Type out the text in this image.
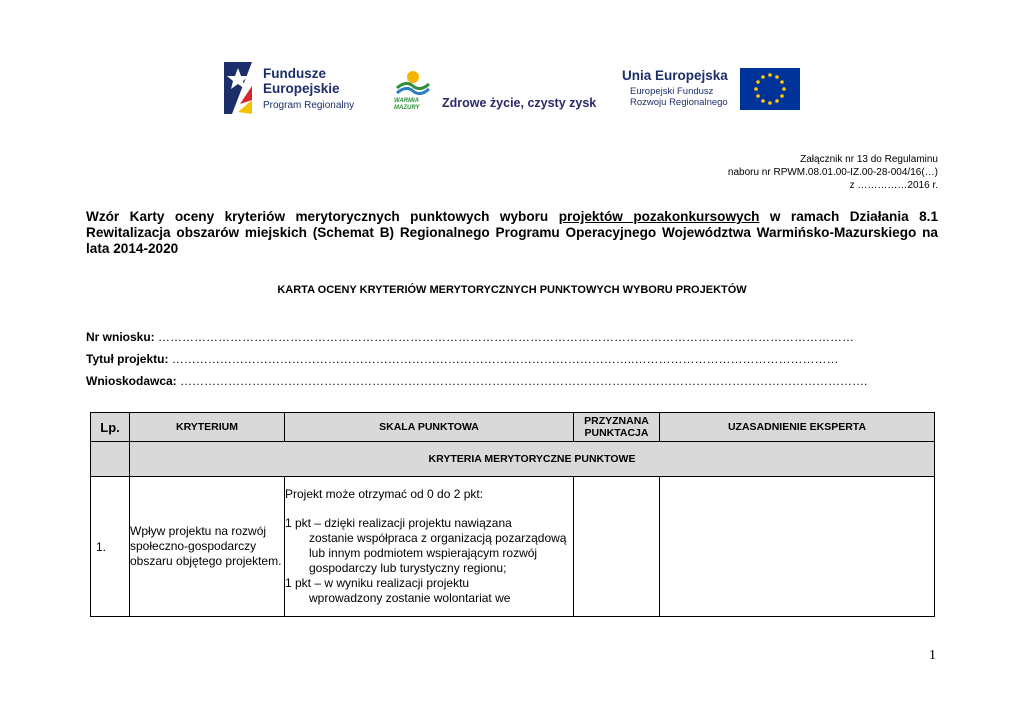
Fundusze
Europejskie
Program Regionalny	WARMIA
MAZURY Zdrowe życie, czysty zysk
Unia Europejska
Europejski Fundusz
Rozwoju Regionalnego
Załącznik nr 13 do Regulaminu
naboru nr RPWM.08.01.00-IZ.00-28-004/16(…)
z ……………2016 r.
Wzór Karty oceny kryteriów merytorycznych punktowych wyboru projektów pozakonkursowych w ramach Działania 8.1 Rewitalizacja obszarów miejskich (Schemat B) Regionalnego Programu Operacyjnego Województwa Warmińsko-Mazurskiego na lata 2014-2020
KARTA OCENY KRYTERIÓW MERYTORYCZNYCH PUNKTOWYCH WYBORU PROJEKTÓW
Nr wniosku: …………………………………………………………………………………………………………………………………………………………
Tytuł projektu: ……………………………………………………………………………………………………..……………………………………………
Wnioskodawca: ……………………………………………………………………………………………………………………………………………………….
Lp.	KRYTERIUM	SKALA PUNKTOWA	PRZYZNANA
PUNKTACJA	UZASADNIENIE EKSPERTA
	KRYTERIA MERYTORYCZNE PUNKTOWE			
1.	Wpływ projektu na rozwój społeczno-gospodarczy obszaru objętego projektem.	Projekt może otrzymać od 0 do 2 pkt:

1 pkt – dzięki realizacji projektu nawiązana

zostanie współpraca z organizacją pozarządową lub innym podmiotem wspierającym rozwój gospodarczy lub turystyczny regionu;

1 pkt – w wyniku realizacji projektu

wprowadzony zostanie wolontariat we		

1
